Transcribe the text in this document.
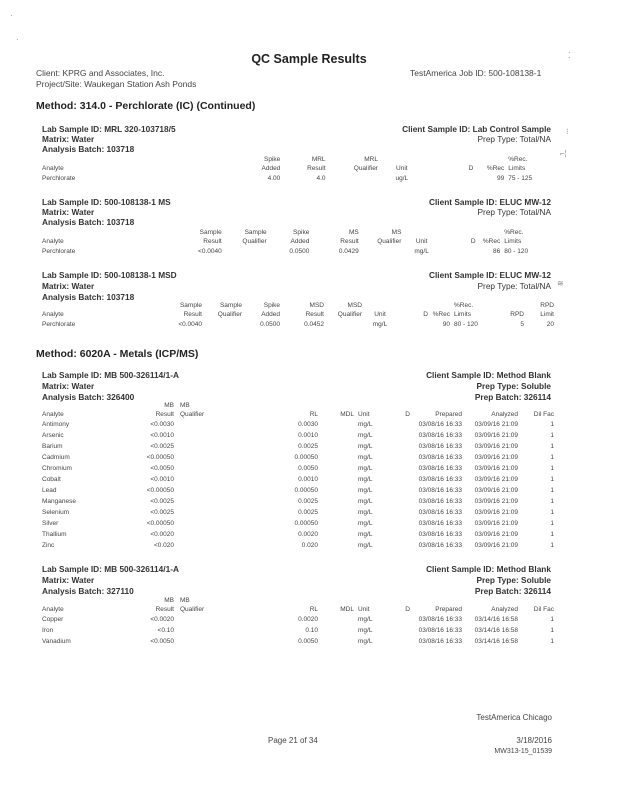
·
·
⁚
⁝
⌐¦
≋
QC Sample Results
Client: KPRG and Associates, Inc.
Project/Site: Waukegan Station Ash Ponds
TestAmerica Job ID: 500-108138-1
Method: 314.0 - Perchlorate (IC) (Continued)
Lab Sample ID: MRL 320-103718/5
Matrix: Water
Analysis Batch: 103718
Client Sample ID: Lab Control Sample
Prep Type: Total/NA
	Spike	MRL	MRL				%Rec.
Analyte	Added	Result	Qualifier	Unit	D	%Rec	Limits
Perchlorate	4.00	4.0		ug/L		99	75 - 125
Lab Sample ID: 500-108138-1 MS
Matrix: Water
Analysis Batch: 103718
Client Sample ID: ELUC MW-12
Prep Type: Total/NA
	Sample	Sample	Spike	MS	MS				%Rec.
Analyte	Result	Qualifier	Added	Result	Qualifier	Unit	D	%Rec	Limits
Perchlorate	<0.0040		0.0500	0.0429		mg/L		86	80 - 120
Lab Sample ID: 500-108138-1 MSD
Matrix: Water
Analysis Batch: 103718
Client Sample ID: ELUC MW-12
Prep Type: Total/NA
	Sample	Sample	Spike	MSD	MSD				%Rec.		RPD
Analyte	Result	Qualifier	Added	Result	Qualifier	Unit	D	%Rec	Limits	RPD	Limit
Perchlorate	<0.0040		0.0500	0.0452		mg/L		90	80 - 120	5	20
Method: 6020A - Metals (ICP/MS)
Lab Sample ID: MB 500-326114/1-A
Matrix: Water
Analysis Batch: 326400
Client Sample ID: Method Blank
Prep Type: Soluble
Prep Batch: 326114
	MB	MB							
Analyte	Result	Qualifier	RL	MDL	Unit	D	Prepared	Analyzed	Dil Fac
Antimony	<0.0030		0.0030		mg/L		03/08/16 16:33	03/09/16 21:09	1
Arsenic	<0.0010		0.0010		mg/L		03/08/16 16:33	03/09/16 21:09	1
Barium	<0.0025		0.0025		mg/L		03/08/16 16:33	03/09/16 21:09	1
Cadmium	<0.00050		0.00050		mg/L		03/08/16 16:33	03/09/16 21:09	1
Chromium	<0.0050		0.0050		mg/L		03/08/16 16:33	03/09/16 21:09	1
Cobalt	<0.0010		0.0010		mg/L		03/08/16 16:33	03/09/16 21:09	1
Lead	<0.00050		0.00050		mg/L		03/08/16 16:33	03/09/16 21:09	1
Manganese	<0.0025		0.0025		mg/L		03/08/16 16:33	03/09/16 21:09	1
Selenium	<0.0025		0.0025		mg/L		03/08/16 16:33	03/09/16 21:09	1
Silver	<0.00050		0.00050		mg/L		03/08/16 16:33	03/09/16 21:09	1
Thallium	<0.0020		0.0020		mg/L		03/08/16 16:33	03/09/16 21:09	1
Zinc	<0.020		0.020		mg/L		03/08/16 16:33	03/09/16 21:09	1
Lab Sample ID: MB 500-326114/1-A
Matrix: Water
Analysis Batch: 327110
Client Sample ID: Method Blank
Prep Type: Soluble
Prep Batch: 326114
	MB	MB							
Analyte	Result	Qualifier	RL	MDL	Unit	D	Prepared	Analyzed	Dil Fac
Copper	<0.0020		0.0020		mg/L		03/08/16 16:33	03/14/16 16:58	1
Iron	<0.10		0.10		mg/L		03/08/16 16:33	03/14/16 16:58	1
Vanadium	<0.0050		0.0050		mg/L		03/08/16 16:33	03/14/16 16:58	1
TestAmerica Chicago
Page 21 of 34	3/18/2016
MW313-15_01539
